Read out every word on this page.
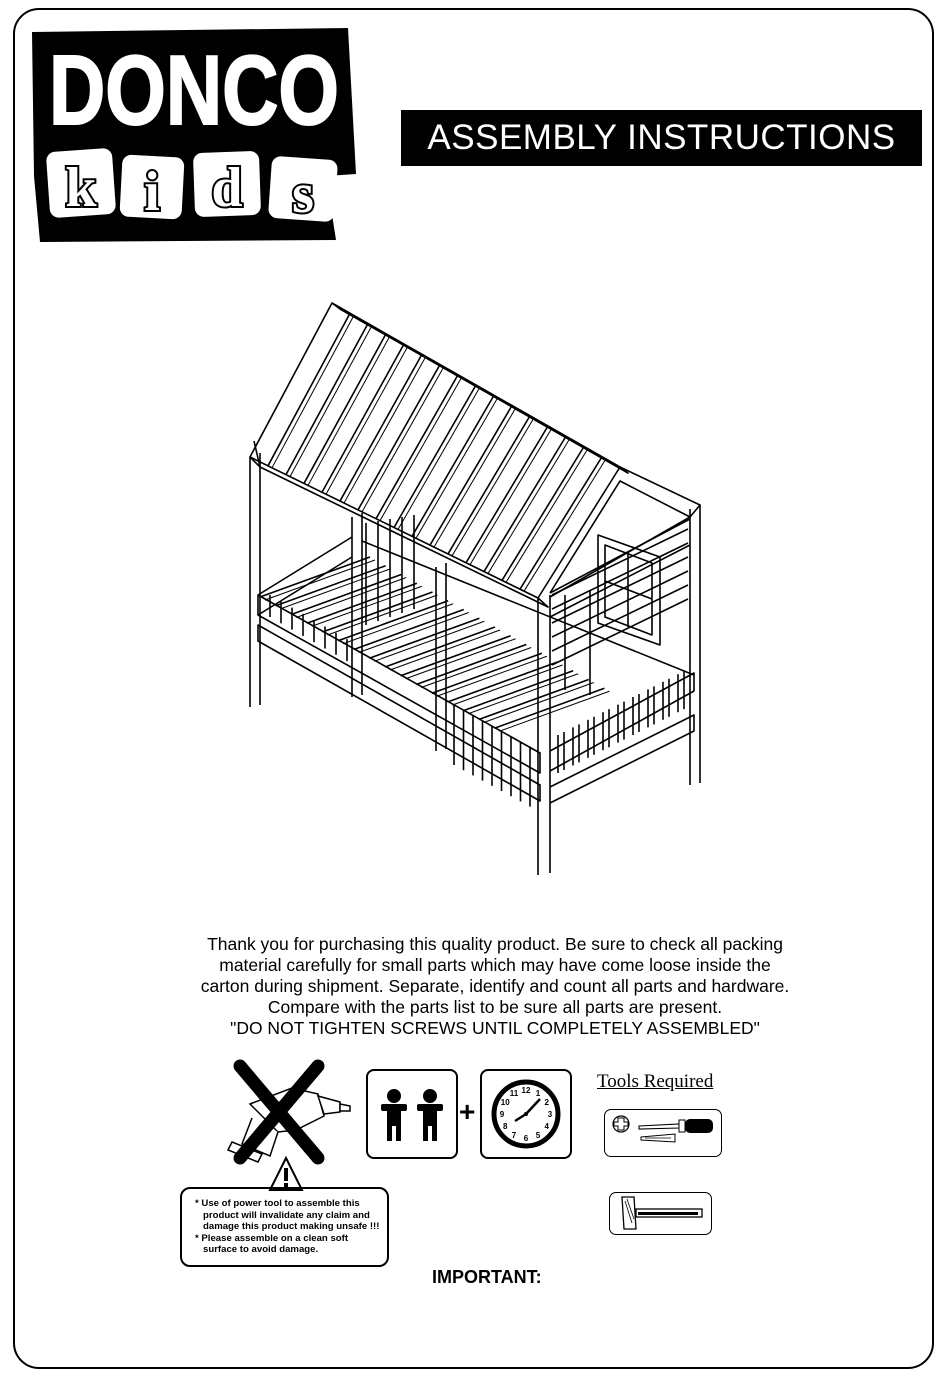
DONCO
k i d s
ASSEMBLY INSTRUCTIONS
Thank you for purchasing this quality product. Be sure to check all packing
material carefully for small parts which may have come loose inside the
carton during shipment. Separate, identify and count all parts and hardware.
Compare with the parts list to be sure all parts are present.
"DO NOT TIGHTEN SCREWS UNTIL COMPLETELY ASSEMBLED"
* Use of power tool to assemble this
product will invalidate any claim and
damage this product making unsafe !!!
* Please assemble on a clean soft
surface to avoid damage.
+
12 1
2
3
4
5
6
7
8
9
10
11
Tools Required
IMPORTANT:
